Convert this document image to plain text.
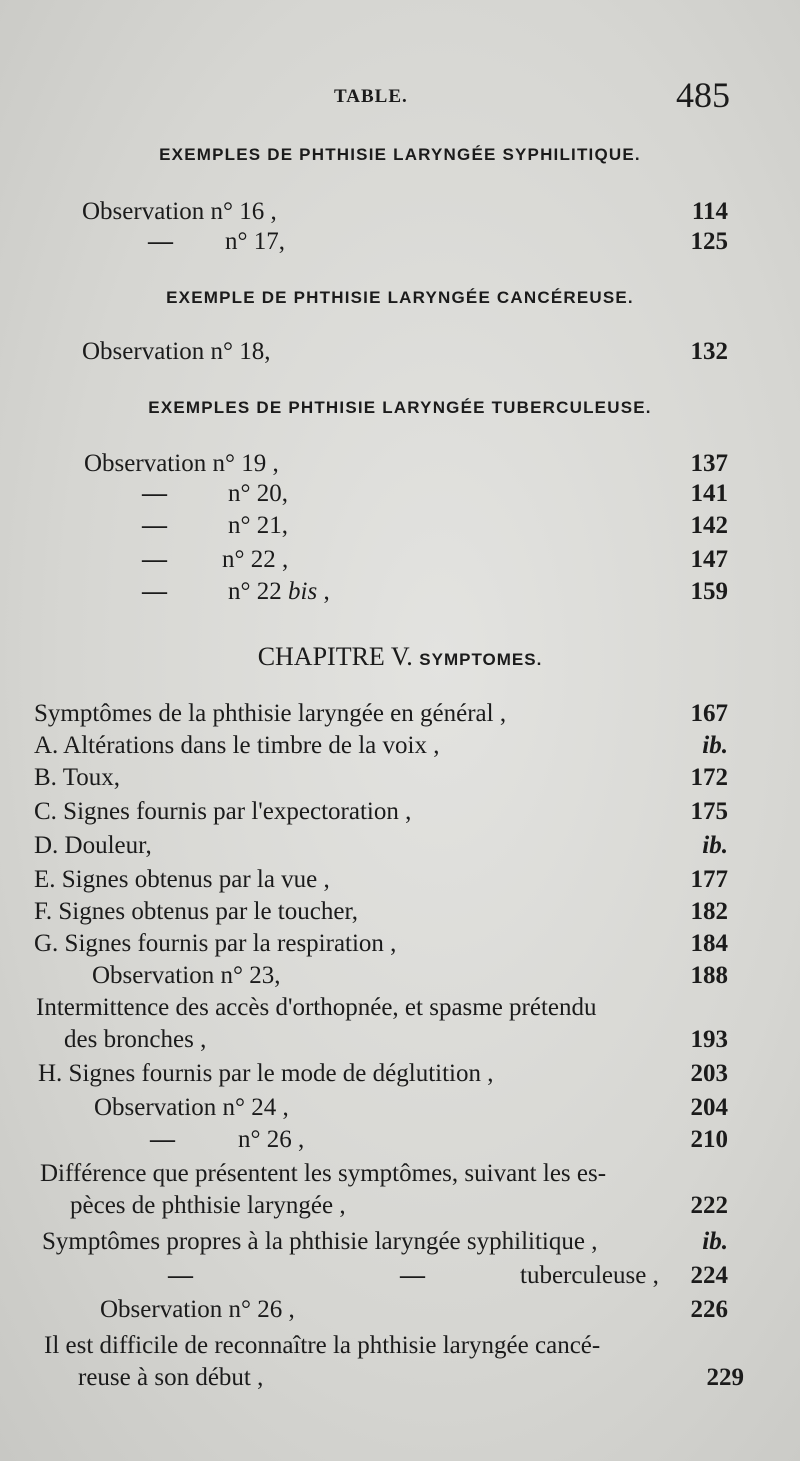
TABLE.	485
EXEMPLES DE PHTHISIE LARYNGÉE SYPHILITIQUE.
Observation n° 16 ,	114
— n° 17,	125
EXEMPLE DE PHTHISIE LARYNGÉE CANCÉREUSE.
Observation n° 18,	132
EXEMPLES DE PHTHISIE LARYNGÉE TUBERCULEUSE.
Observation n° 19 ,	137
— n° 20,	141
— n° 21,	142
— n° 22 ,	147
— n° 22 bis ,	159
CHAPITRE V. SYMPTOMES.
Symptômes de la phthisie laryngée en général ,	167
A. Altérations dans le timbre de la voix ,	ib.
B. Toux,	172
C. Signes fournis par l'expectoration ,	175
D. Douleur,	ib.
E. Signes obtenus par la vue ,	177
F. Signes obtenus par le toucher,	182
G. Signes fournis par la respiration ,	184
Observation n° 23,	188
Intermittence des accès d'orthopnée, et spasme prétendu
des bronches ,	193
H. Signes fournis par le mode de déglutition ,	203
Observation n° 24 ,	204
—	n° 26 ,	210
Différence que présentent les symptômes, suivant les es-
pèces de phthisie laryngée ,	222
Symptômes propres à la phthisie laryngée syphilitique ,	ib.
—	—	tuberculeuse , 224
Observation n° 26 ,	226
Il est difficile de reconnaître la phthisie laryngée cancé-
reuse à son début ,	229
